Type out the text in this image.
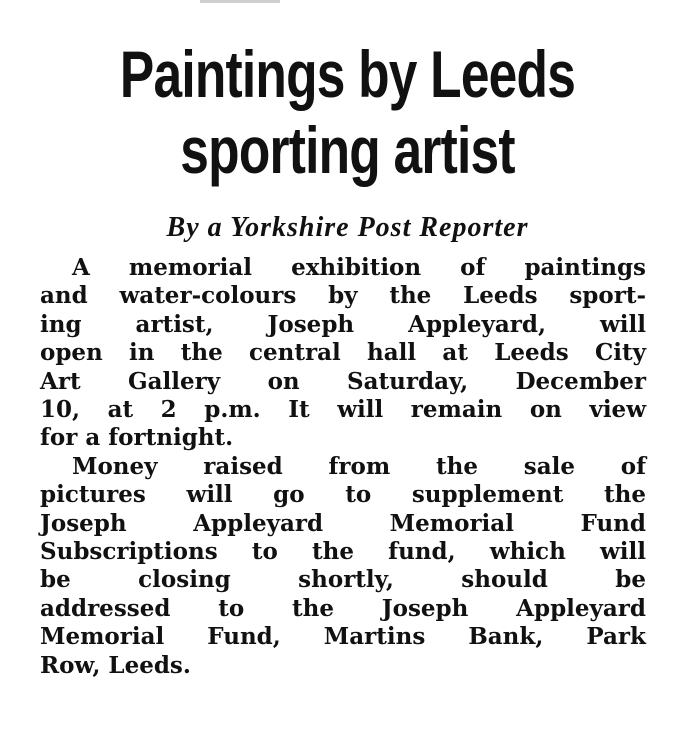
Paintings by Leeds
sporting artist

By a Yorkshire Post Reporter

A memorial exhibition of paintings
and water-colours by the Leeds sport-
ing artist, Joseph Appleyard, will
open in the central hall at Leeds City
Art Gallery on Saturday, December
10, at 2 p.m. It will remain on view
for a fortnight.

Money raised from the sale of
pictures will go to supplement the
Joseph Appleyard Memorial Fund
Subscriptions to the fund, which will
be closing shortly, should be
addressed to the Joseph Appleyard
Memorial Fund, Martins Bank, Park
Row, Leeds.
